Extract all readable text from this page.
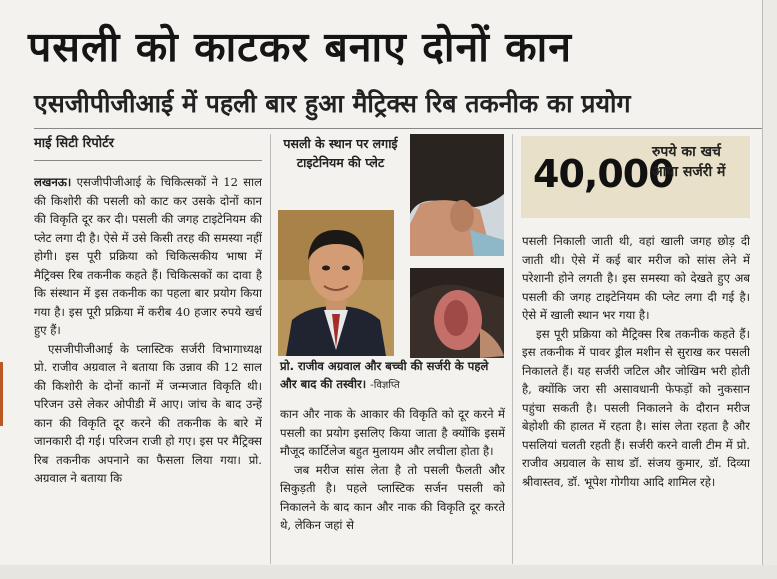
पसली को काटकर बनाए दोनों कान
एसजीपीजीआई में पहली बार हुआ मैट्रिक्स रिब तकनीक का प्रयोग
माई सिटी रिपोर्टर

लखनऊ। एसजीपीजीआई के चिकित्सकों ने 12 साल की किशोरी की पसली को काट कर उसके दोनों कान की विकृति दूर कर दी। पसली की जगह टाइटेनियम की प्लेट लगा दी है। ऐसे में उसे किसी तरह की समस्या नहीं होगी। इस पूरी प्रक्रिया को चिकित्सकीय भाषा में मैट्रिक्स रिब तकनीक कहते हैं। चिकित्सकों का दावा है कि संस्थान में इस तकनीक का पहला बार प्रयोग किया गया है। इस पूरी प्रक्रिया में करीब 40 हजार रुपये खर्च हुए हैं।

एसजीपीजीआई के प्लास्टिक सर्जरी विभागाध्यक्ष प्रो. राजीव अग्रवाल ने बताया कि उन्नाव की 12 साल की किशोरी के दोनों कानों में जन्मजात विकृति थी। परिजन उसे लेकर ओपीडी में आए। जांच के बाद उन्हें कान की विकृति दूर करने की तकनीक के बारे में जानकारी दी गई। परिजन राजी हो गए। इस पर मैट्रिक्स रिब तकनीक अपनाने का फैसला लिया गया। प्रो. अग्रवाल ने बताया कि

पसली के स्थान पर लगाई टाइटेनियम की प्लेट
प्रो. राजीव अग्रवाल और बच्ची की सर्जरी के पहले और बाद की तस्वीर। -विज्ञप्ति

कान और नाक के आकार की विकृति को दूर करने में पसली का प्रयोग इसलिए किया जाता है क्योंकि इसमें मौजूद कार्टिलेज बहुत मुलायम और लचीला होता है।

जब मरीज सांस लेता है तो पसली फैलती और सिकुड़ती है। पहले प्लास्टिक सर्जन पसली को निकालने के बाद कान और नाक की विकृति दूर करते थे, लेकिन जहां से

40,000
रुपये का खर्च आया सर्जरी में

पसली निकाली जाती थी, वहां खाली जगह छोड़ दी जाती थी। ऐसे में कई बार मरीज को सांस लेने में परेशानी होने लगती है। इस समस्या को देखते हुए अब पसली की जगह टाइटेनियम की प्लेट लगा दी गई है। ऐसे में खाली स्थान भर गया है।

इस पूरी प्रक्रिया को मैट्रिक्स रिब तकनीक कहते हैं। इस तकनीक में पावर ड्रील मशीन से सुराख कर पसली निकालते हैं। यह सर्जरी जटिल और जोखिम भरी होती है, क्योंकि जरा सी असावधानी फेफड़ों को नुकसान पहुंचा सकती है। पसली निकालने के दौरान मरीज बेहोशी की हालत में रहता है। सांस लेता रहता है और पसलियां चलती रहती हैं। सर्जरी करने वाली टीम में प्रो. राजीव अग्रवाल के साथ डॉ. संजय कुमार, डॉ. दिव्या श्रीवास्तव, डॉ. भूपेश गोगीया आदि शामिल रहे।
